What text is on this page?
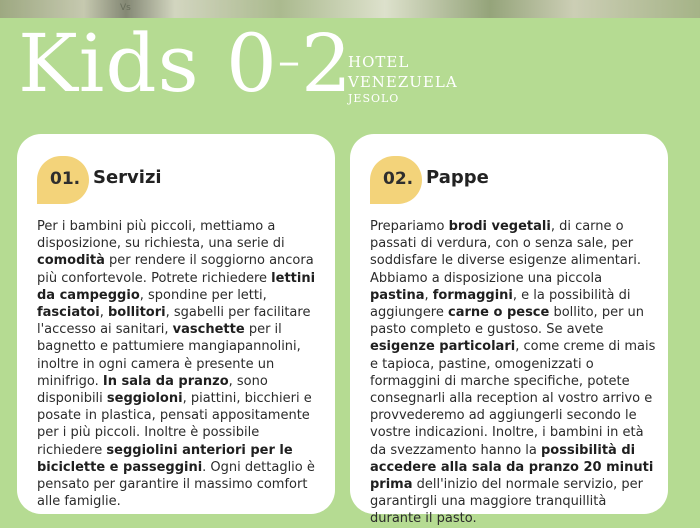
Vs
Kids 0–2
HOTEL
VENEZUELA
JESOLO
01. Servizi
Per i bambini più piccoli, mettiamo a disposizione, su richiesta, una serie di comodità per rendere il soggiorno ancora più confortevole. Potrete richiedere lettini da campeggio, spondine per letti, fasciatoi, bollitori, sgabelli per facilitare l'accesso ai sanitari, vaschette per il bagnetto e pattumiere mangiapannolini, inoltre in ogni camera è presente un minifrigo. In sala da pranzo, sono disponibili seggioloni, piattini, bicchieri e posate in plastica, pensati appositamente per i più piccoli. Inoltre è possibile richiedere seggiolini anteriori per le biciclette e passeggini. Ogni dettaglio è pensato per garantire il massimo comfort alle famiglie.
02. Pappe
Prepariamo brodi vegetali, di carne o passati di verdura, con o senza sale, per soddisfare le diverse esigenze alimentari. Abbiamo a disposizione una piccola pastina, formaggini, e la possibilità di aggiungere carne o pesce bollito, per un pasto completo e gustoso. Se avete esigenze particolari, come creme di mais e tapioca, pastine, omogenizzati o formaggini di marche specifiche, potete consegnarli alla reception al vostro arrivo e provvederemo ad aggiungerli secondo le vostre indicazioni. Inoltre, i bambini in età da svezzamento hanno la possibilità di accedere alla sala da pranzo 20 minuti prima dell'inizio del normale servizio, per garantirgli una maggiore tranquillità durante il pasto.
